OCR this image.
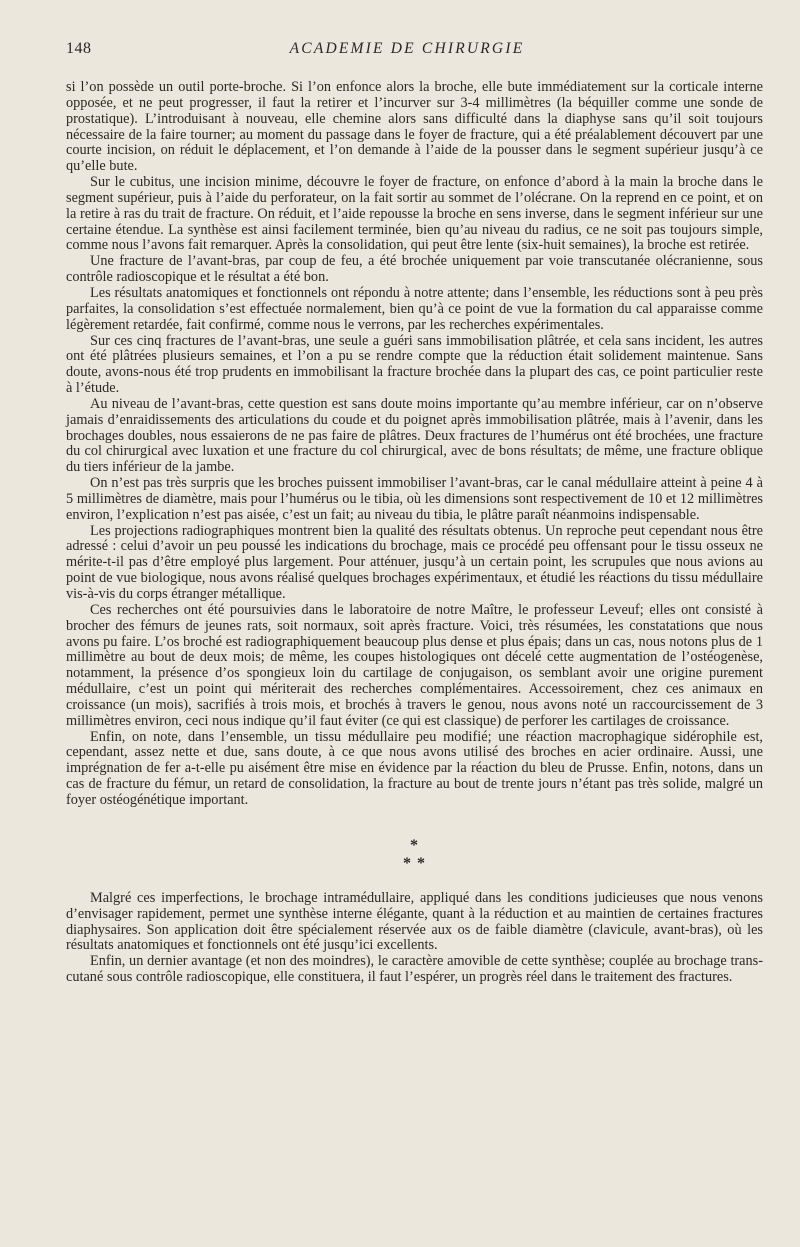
148	ACADEMIE DE CHIRURGIE

si l’on possède un outil porte-broche. Si l’on enfonce alors la broche, elle bute immédiatement sur la corticale interne opposée, et ne peut progresser, il faut la retirer et l’incurver sur 3-4 millimètres (la béquiller comme une sonde de prostatique). L’introduisant à nouveau, elle chemine alors sans difficulté dans la diaphyse sans qu’il soit toujours nécessaire de la faire tourner; au moment du passage dans le foyer de fracture, qui a été préalablement découvert par une courte incision, on réduit le déplacement, et l’on demande à l’aide de la pousser dans le segment supérieur jusqu’à ce qu’elle bute.

Sur le cubitus, une incision minime, découvre le foyer de fracture, on enfonce d’abord à la main la broche dans le segment supérieur, puis à l’aide du perforateur, on la fait sortir au sommet de l’olécrane. On la reprend en ce point, et on la retire à ras du trait de fracture. On réduit, et l’aide repousse la broche en sens inverse, dans le segment inférieur sur une certaine étendue. La synthèse est ainsi facilement terminée, bien qu’au niveau du radius, ce ne soit pas toujours simple, comme nous l’avons fait remarquer. Après la consolidation, qui peut être lente (six-huit semaines), la broche est retirée.

Une fracture de l’avant-bras, par coup de feu, a été brochée uniquement par voie transcutanée olécranienne, sous contrôle radioscopique et le résultat a été bon.

Les résultats anatomiques et fonctionnels ont répondu à notre attente; dans l’ensemble, les réductions sont à peu près parfaites, la consolidation s’est effectuée normalement, bien qu’à ce point de vue la formation du cal apparaisse comme légèrement retardée, fait confirmé, comme nous le verrons, par les recherches expérimentales.

Sur ces cinq fractures de l’avant-bras, une seule a guéri sans immobilisation plâtrée, et cela sans incident, les autres ont été plâtrées plusieurs semaines, et l’on a pu se rendre compte que la réduction était solidement maintenue. Sans doute, avons-nous été trop prudents en immobilisant la fracture brochée dans la plupart des cas, ce point particulier reste à l’étude.

Au niveau de l’avant-bras, cette question est sans doute moins importante qu’au membre inférieur, car on n’observe jamais d’enraidissements des articulations du coude et du poignet après immobilisation plâtrée, mais à l’avenir, dans les brochages doubles, nous essaierons de ne pas faire de plâtres. Deux fractures de l’humérus ont été brochées, une fracture du col chirurgical avec luxation et une fracture du col chirurgical, avec de bons résultats; de même, une fracture oblique du tiers inférieur de la jambe.

On n’est pas très surpris que les broches puissent immobiliser l’avant-bras, car le canal médullaire atteint à peine 4 à 5 millimètres de diamètre, mais pour l’humérus ou le tibia, où les dimensions sont respectivement de 10 et 12 millimètres environ, l’explication n’est pas aisée, c’est un fait; au niveau du tibia, le plâtre paraît néanmoins indispensable.

Les projections radiographiques montrent bien la qualité des résultats obtenus. Un reproche peut cependant nous être adressé : celui d’avoir un peu poussé les indications du brochage, mais ce procédé peu offensant pour le tissu osseux ne mérite-t-il pas d’être employé plus largement. Pour atténuer, jusqu’à un certain point, les scrupules que nous avions au point de vue biologique, nous avons réalisé quelques brochages expérimentaux, et étudié les réactions du tissu médullaire vis-à-vis du corps étranger métallique.

Ces recherches ont été poursuivies dans le laboratoire de notre Maître, le professeur Leveuf; elles ont consisté à brocher des fémurs de jeunes rats, soit normaux, soit après fracture. Voici, très résumées, les constatations que nous avons pu faire. L’os broché est radiographiquement beaucoup plus dense et plus épais; dans un cas, nous notons plus de 1 millimètre au bout de deux mois; de même, les coupes histologiques ont décelé cette augmentation de l’ostéogenèse, notamment, la présence d’os spongieux loin du cartilage de conjugaison, os semblant avoir une origine purement médullaire, c’est un point qui mériterait des recherches complémentaires. Accessoirement, chez ces animaux en croissance (un mois), sacrifiés à trois mois, et brochés à travers le genou, nous avons noté un raccourcissement de 3 millimètres environ, ceci nous indique qu’il faut éviter (ce qui est classique) de perforer les cartilages de croissance.

Enfin, on note, dans l’ensemble, un tissu médullaire peu modifié; une réaction macrophagique sidérophile est, cependant, assez nette et due, sans doute, à ce que nous avons utilisé des broches en acier ordinaire. Aussi, une imprégnation de fer a-t-elle pu aisément être mise en évidence par la réaction du bleu de Prusse. Enfin, notons, dans un cas de fracture du fémur, un retard de consolidation, la fracture au bout de trente jours n’étant pas très solide, malgré un foyer ostéogénétique important.

*
* *

Malgré ces imperfections, le brochage intramédullaire, appliqué dans les conditions judicieuses que nous venons d’envisager rapidement, permet une synthèse interne élégante, quant à la réduction et au maintien de certaines fractures diaphysaires. Son application doit être spécialement réservée aux os de faible diamètre (clavicule, avant-bras), où les résultats anatomiques et fonctionnels ont été jusqu’ici excellents.

Enfin, un dernier avantage (et non des moindres), le caractère amovible de cette synthèse; couplée au brochage trans-cutané sous contrôle radioscopique, elle constituera, il faut l’espérer, un progrès réel dans le traitement des fractures.
